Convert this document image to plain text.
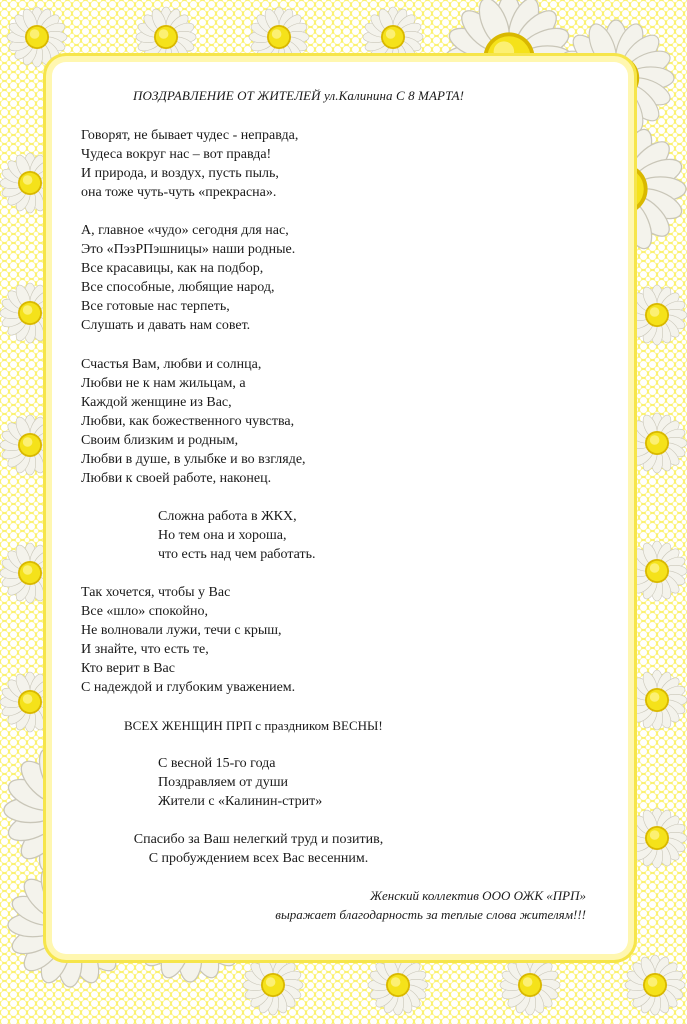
ПОЗДРАВЛЕНИЕ ОТ ЖИТЕЛЕЙ ул.Калинина С 8 МАРТА!

Говорят, не бывает чудес - неправда,
Чудеса вокруг нас – вот правда!
И природа, и воздух, пусть пыль,
она тоже чуть-чуть «прекрасна».

А, главное «чудо» сегодня для нас,
Это «ПэзРПэшницы» наши родные.
Все красавицы, как на подбор,
Все способные, любящие народ,
Все готовые нас терпеть,
Слушать и давать нам совет.

Счастья Вам, любви и солнца,
Любви не к нам жильцам, а
Каждой женщине из Вас,
Любви, как божественного чувства,
Своим близким и родным,
Любви в душе, в улыбке и во взгляде,
Любви к своей работе, наконец.

Сложна работа в ЖКХ,
Но тем она и хороша,
что есть над чем работать.

Так хочется, чтобы у Вас
Все «шло» спокойно,
Не волновали лужи, течи с крыш,
И знайте, что есть те,
Кто верит в Вас
С надеждой и глубоким уважением.

ВСЕХ ЖЕНЩИН ПРП с праздником ВЕСНЫ!

С весной 15-го года
Поздравляем от души
Жители с «Калинин-стрит»

Спасибо за Ваш нелегкий труд и позитив,
С пробуждением всех Вас весенним.

Женский коллектив ООО ОЖК «ПРП»
выражает благодарность за теплые слова жителям!!!
